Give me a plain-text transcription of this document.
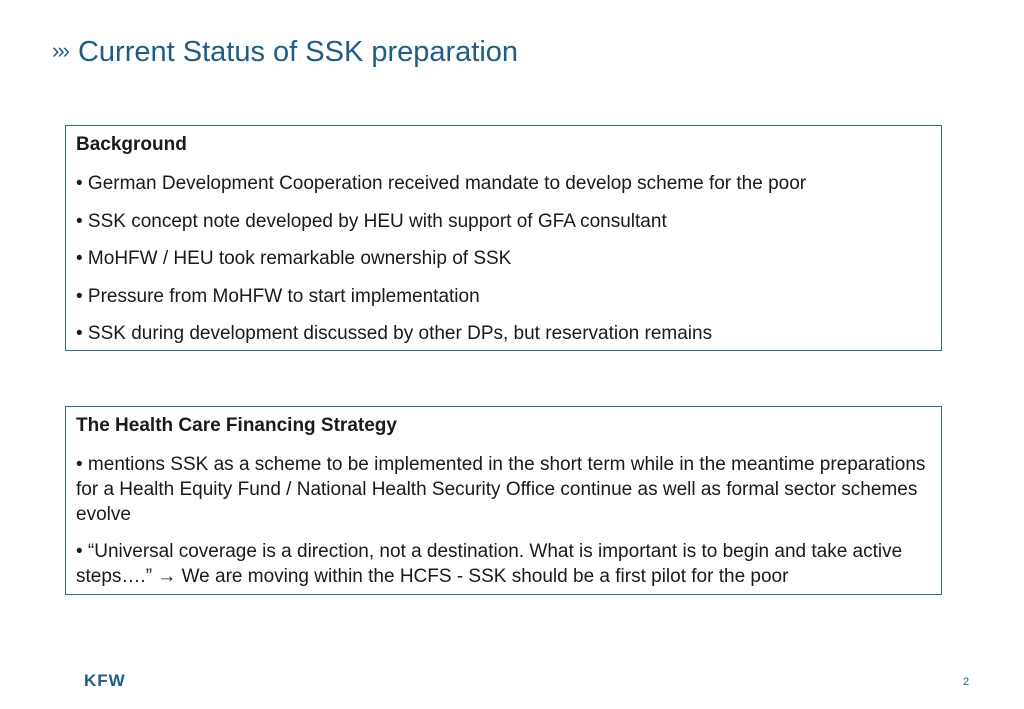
››› Current Status of SSK preparation
Background
• German Development Cooperation received mandate to develop scheme for the poor
• SSK concept note developed by HEU with support of GFA consultant
• MoHFW / HEU took remarkable ownership of SSK
• Pressure from MoHFW to start implementation
• SSK during development discussed by other DPs, but reservation remains
The Health Care Financing Strategy
• mentions SSK as a scheme to be implemented in the short term while in the meantime preparations for a Health Equity Fund / National Health Security Office continue as well as formal sector schemes evolve
• “Universal coverage is a direction, not a destination. What is important is to begin and take active steps….” → We are moving within the HCFS - SSK should be a first pilot for the poor
KFW	2
